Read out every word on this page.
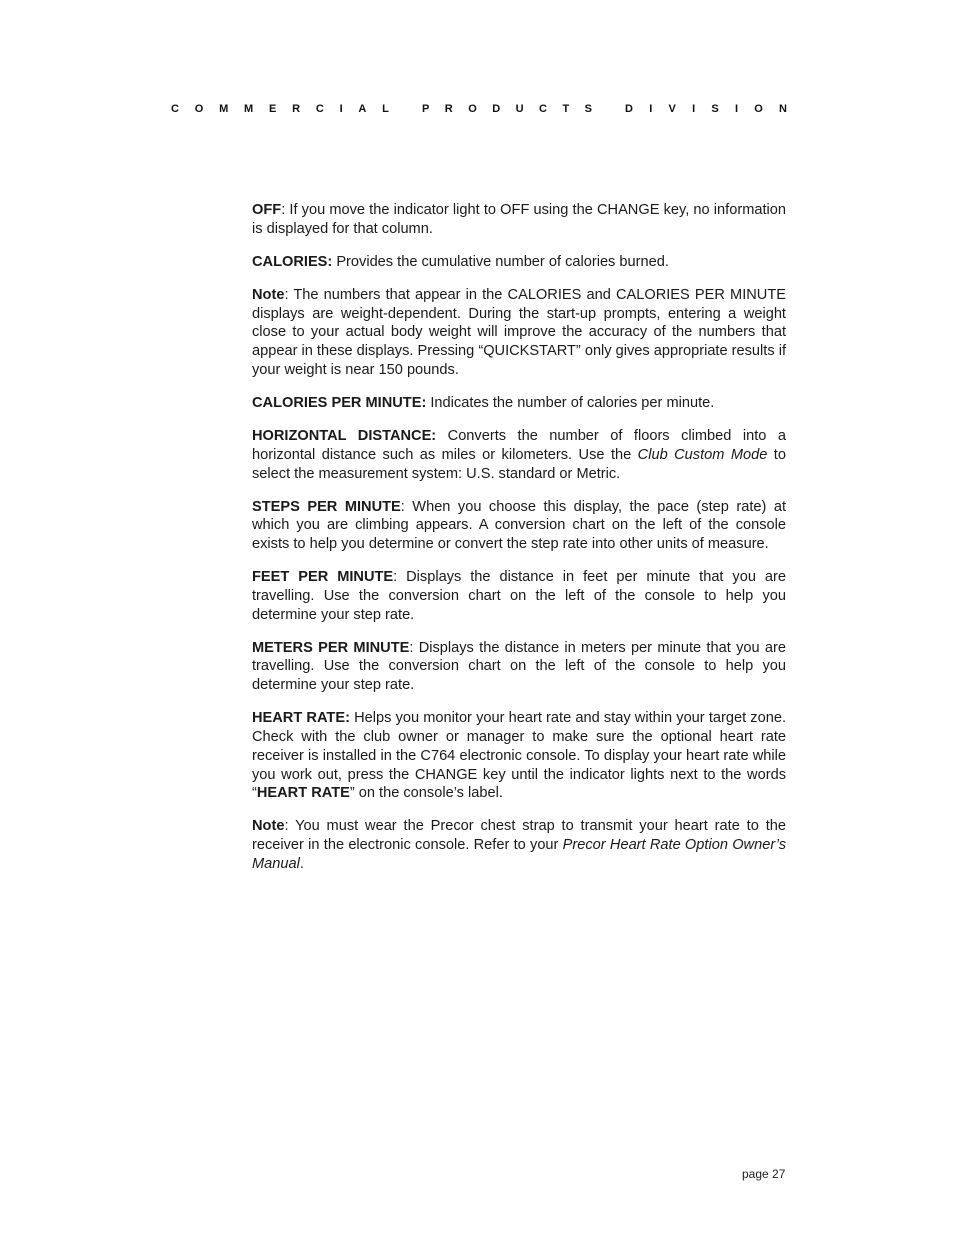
C O M M E R C I A L	P R O D U C T S	D I V I S I O N

OFF: If you move the indicator light to OFF using the CHANGE key, no information is displayed for that column.

CALORIES: Provides the cumulative number of calories burned.

Note: The numbers that appear in the CALORIES and CALORIES PER MINUTE displays are weight-dependent. During the start-up prompts, entering a weight close to your actual body weight will improve the accuracy of the numbers that appear in these displays. Pressing “QUICKSTART” only gives appropriate results if your weight is near 150 pounds.

CALORIES PER MINUTE: Indicates the number of calories per minute.

HORIZONTAL DISTANCE: Converts the number of floors climbed into a horizontal distance such as miles or kilometers. Use the Club Custom Mode to select the measurement system: U.S. standard or Metric.

STEPS PER MINUTE: When you choose this display, the pace (step rate) at which you are climbing appears. A conversion chart on the left of the console exists to help you determine or convert the step rate into other units of measure.

FEET PER MINUTE: Displays the distance in feet per minute that you are travelling. Use the conversion chart on the left of the console to help you determine your step rate.

METERS PER MINUTE: Displays the distance in meters per minute that you are travelling. Use the conversion chart on the left of the console to help you determine your step rate.

HEART RATE: Helps you monitor your heart rate and stay within your target zone. Check with the club owner or manager to make sure the optional heart rate receiver is installed in the C764 electronic console. To display your heart rate while you work out, press the CHANGE key until the indicator lights next to the words “HEART RATE” on the console’s label.

Note: You must wear the Precor chest strap to transmit your heart rate to the receiver in the electronic console. Refer to your Precor Heart Rate Option Owner’s Manual.

page 27
